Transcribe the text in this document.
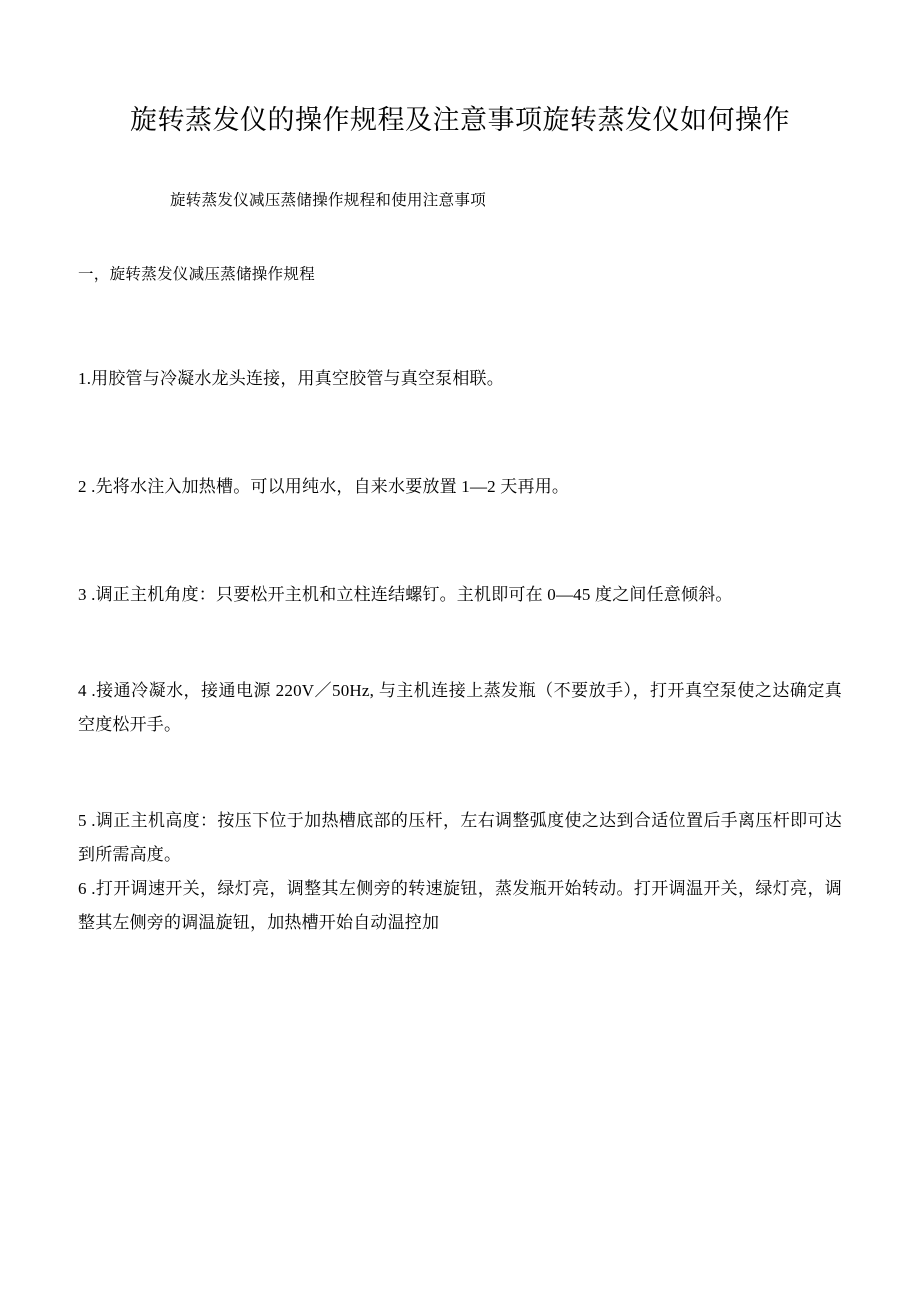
旋转蒸发仪的操作规程及注意事项旋转蒸发仪如何操作

旋转蒸发仪减压蒸储操作规程和使用注意事项

一，旋转蒸发仪减压蒸储操作规程
1.用胶管与冷凝水龙头连接，用真空胶管与真空泵相联。
2 .先将水注入加热槽。可以用纯水，自来水要放置 1—2 天再用。
3 .调正主机角度：只要松开主机和立柱连结螺钉。主机即可在 0—45 度之间任意倾斜。
4 .接通冷凝水，接通电源 220V／50Hz, 与主机连接上蒸发瓶（不要放手），打开真空泵使之达确定真空度松开手。
5 .调正主机高度：按压下位于加热槽底部的压杆，左右调整弧度使之达到合适位置后手离压杆即可达到所需高度。
6 .打开调速开关，绿灯亮，调整其左侧旁的转速旋钮，蒸发瓶开始转动。打开调温开关，绿灯亮，调整其左侧旁的调温旋钮，加热槽开始自动温控加
